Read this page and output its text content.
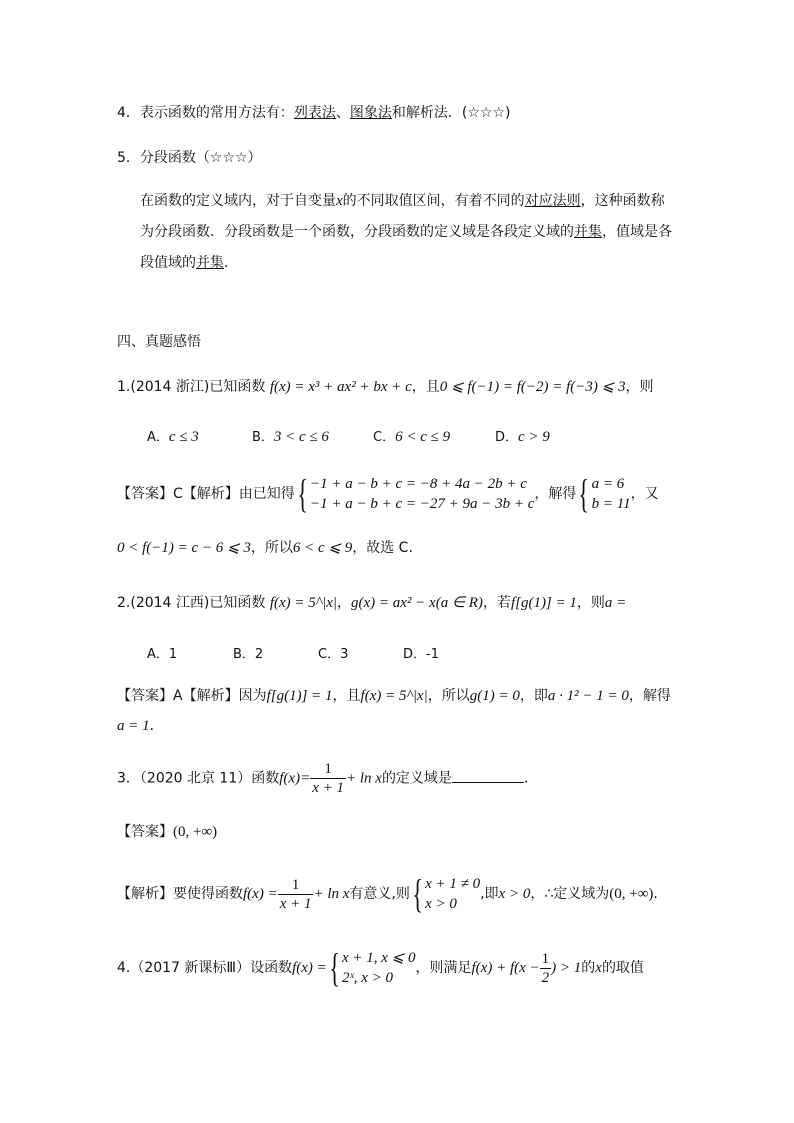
4．表示函数的常用方法有：列表法、图象法和解析法．(☆☆☆)
5．分段函数（☆☆☆）
在函数的定义域内，对于自变量x的不同取值区间，有着不同的对应法则，这种函数称
为分段函数．分段函数是一个函数，分段函数的定义域是各段定义域的并集，值域是各
段值域的并集．
四、真题感悟
1.(2014 浙江)已知函数 f(x) = x³ + ax² + bx + c，且0 ⩽ f(−1) = f(−2) = f(−3) ⩽ 3，则
A．c ≤ 3	B．3 < c ≤ 6	C．6 < c ≤ 9	D．c > 9
【答案】C【解析】由已知得{ −1 + a − b + c = −8 + 4a − 2b + c
−1 + a − b + c = −27 + 9a − 3b + c
，解得{ a = 6
b = 11
，又
0 < f(−1) = c − 6 ⩽ 3，所以6 < c ⩽ 9，故选 C.
2.(2014 江西)已知函数 f(x) = 5^|x|，g(x) = ax² − x(a ∈ R)，若f[g(1)] = 1，则a =
A．1	B．2	C．3	D．-1
【答案】A【解析】因为f[g(1)] = 1，且f(x) = 5^|x|，所以g(1) = 0，即a · 1² − 1 = 0，解得
a = 1．
3．（2020 北京 11）函数$f(x)= \frac{1}{x + 1} + \ln x$的定义域是	．
【答案】(0, +∞)
【解析】要使得函数$f(x) = \frac{1}{x + 1} + \ln x$有意义,则{ x + 1 ≠ 0
x > 0
,即x > 0，∴定义域为(0, +∞)．
4.（2017 新课标Ⅲ）设函数f(x) ={ x + 1, x ⩽ 0
2ˣ, x > 0
，则满足$f(x) + f(x - \frac{1}{2}$ ) > 1的x的取值
